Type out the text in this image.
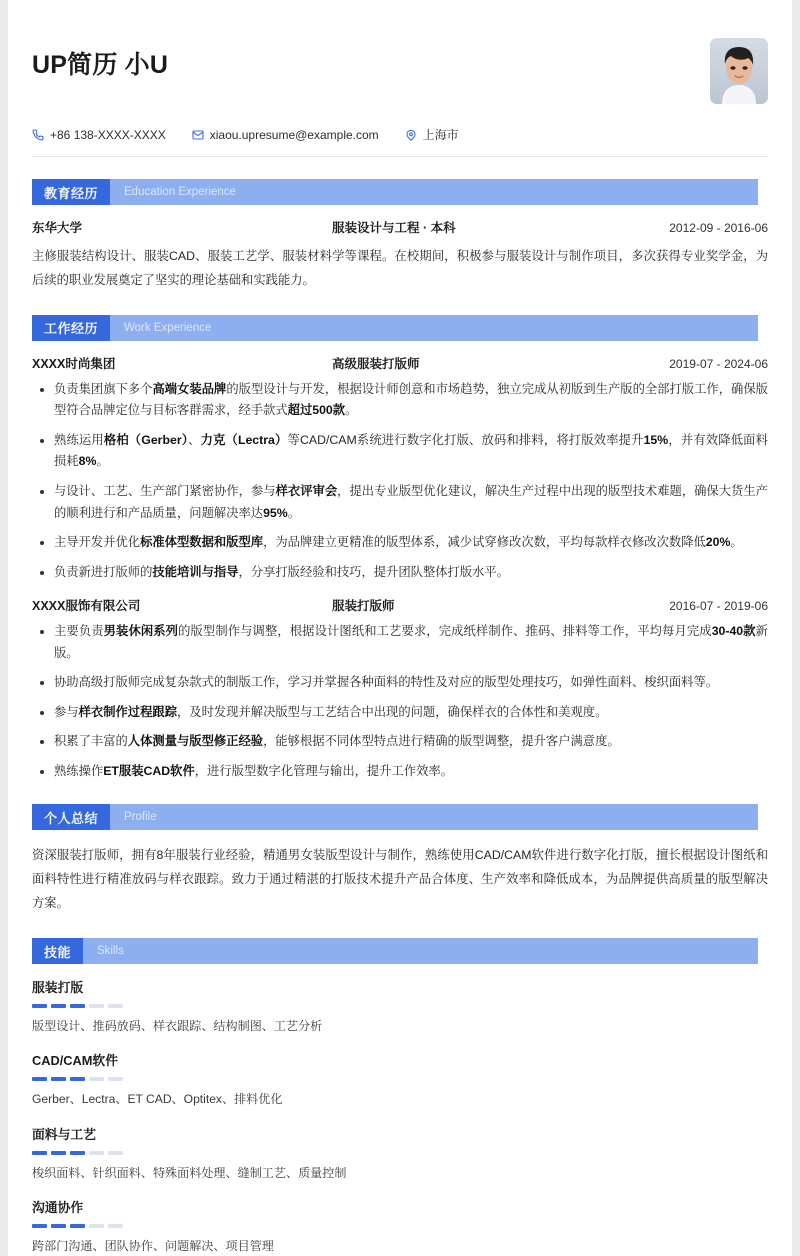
UP简历 小U
+86 138-XXXX-XXXX	xiaou.upresume@example.com	上海市
教育经历	Education Experience
东华大学	服装设计与工程 · 本科	2012-09 - 2016-06
主修服装结构设计、服装CAD、服装工艺学、服装材料学等课程。在校期间，积极参与服装设计与制作项目，多次获得专业奖学金，为后续的职业发展奠定了坚实的理论基础和实践能力。
工作经历	Work Experience
XXXX时尚集团	高级服装打版师	2019-07 - 2024-06
负责集团旗下多个高端女装品牌的版型设计与开发，根据设计师创意和市场趋势，独立完成从初版到生产版的全部打版工作，确保版型符合品牌定位与目标客群需求，经手款式超过500款。
熟练运用格柏（Gerber）、力克（Lectra）等CAD/CAM系统进行数字化打版、放码和排料，将打版效率提升15%，并有效降低面料损耗8%。
与设计、工艺、生产部门紧密协作，参与样衣评审会，提出专业版型优化建议，解决生产过程中出现的版型技术难题，确保大货生产的顺利进行和产品质量，问题解决率达95%。
主导开发并优化标准体型数据和版型库，为品牌建立更精准的版型体系，减少试穿修改次数，平均每款样衣修改次数降低20%。
负责新进打版师的技能培训与指导，分享打版经验和技巧，提升团队整体打版水平。
XXXX服饰有限公司	服装打版师	2016-07 - 2019-06
主要负责男装休闲系列的版型制作与调整，根据设计图纸和工艺要求，完成纸样制作、推码、排料等工作，平均每月完成30-40款新版。
协助高级打版师完成复杂款式的制版工作，学习并掌握各种面料的特性及对应的版型处理技巧，如弹性面料、梭织面料等。
参与样衣制作过程跟踪，及时发现并解决版型与工艺结合中出现的问题，确保样衣的合体性和美观度。
积累了丰富的人体测量与版型修正经验，能够根据不同体型特点进行精确的版型调整，提升客户满意度。
熟练操作ET服装CAD软件，进行版型数字化管理与输出，提升工作效率。
个人总结	Profile
资深服装打版师，拥有8年服装行业经验，精通男女装版型设计与制作，熟练使用CAD/CAM软件进行数字化打版，擅长根据设计图纸和面料特性进行精准放码与样衣跟踪。致力于通过精湛的打版技术提升产品合体度、生产效率和降低成本，为品牌提供高质量的版型解决方案。
技能	Skills
服装打版
版型设计、推码放码、样衣跟踪、结构制图、工艺分析
CAD/CAM软件
Gerber、Lectra、ET CAD、Optitex、排料优化
面料与工艺
梭织面料、针织面料、特殊面料处理、缝制工艺、质量控制
沟通协作
跨部门沟通、团队协作、问题解决、项目管理
